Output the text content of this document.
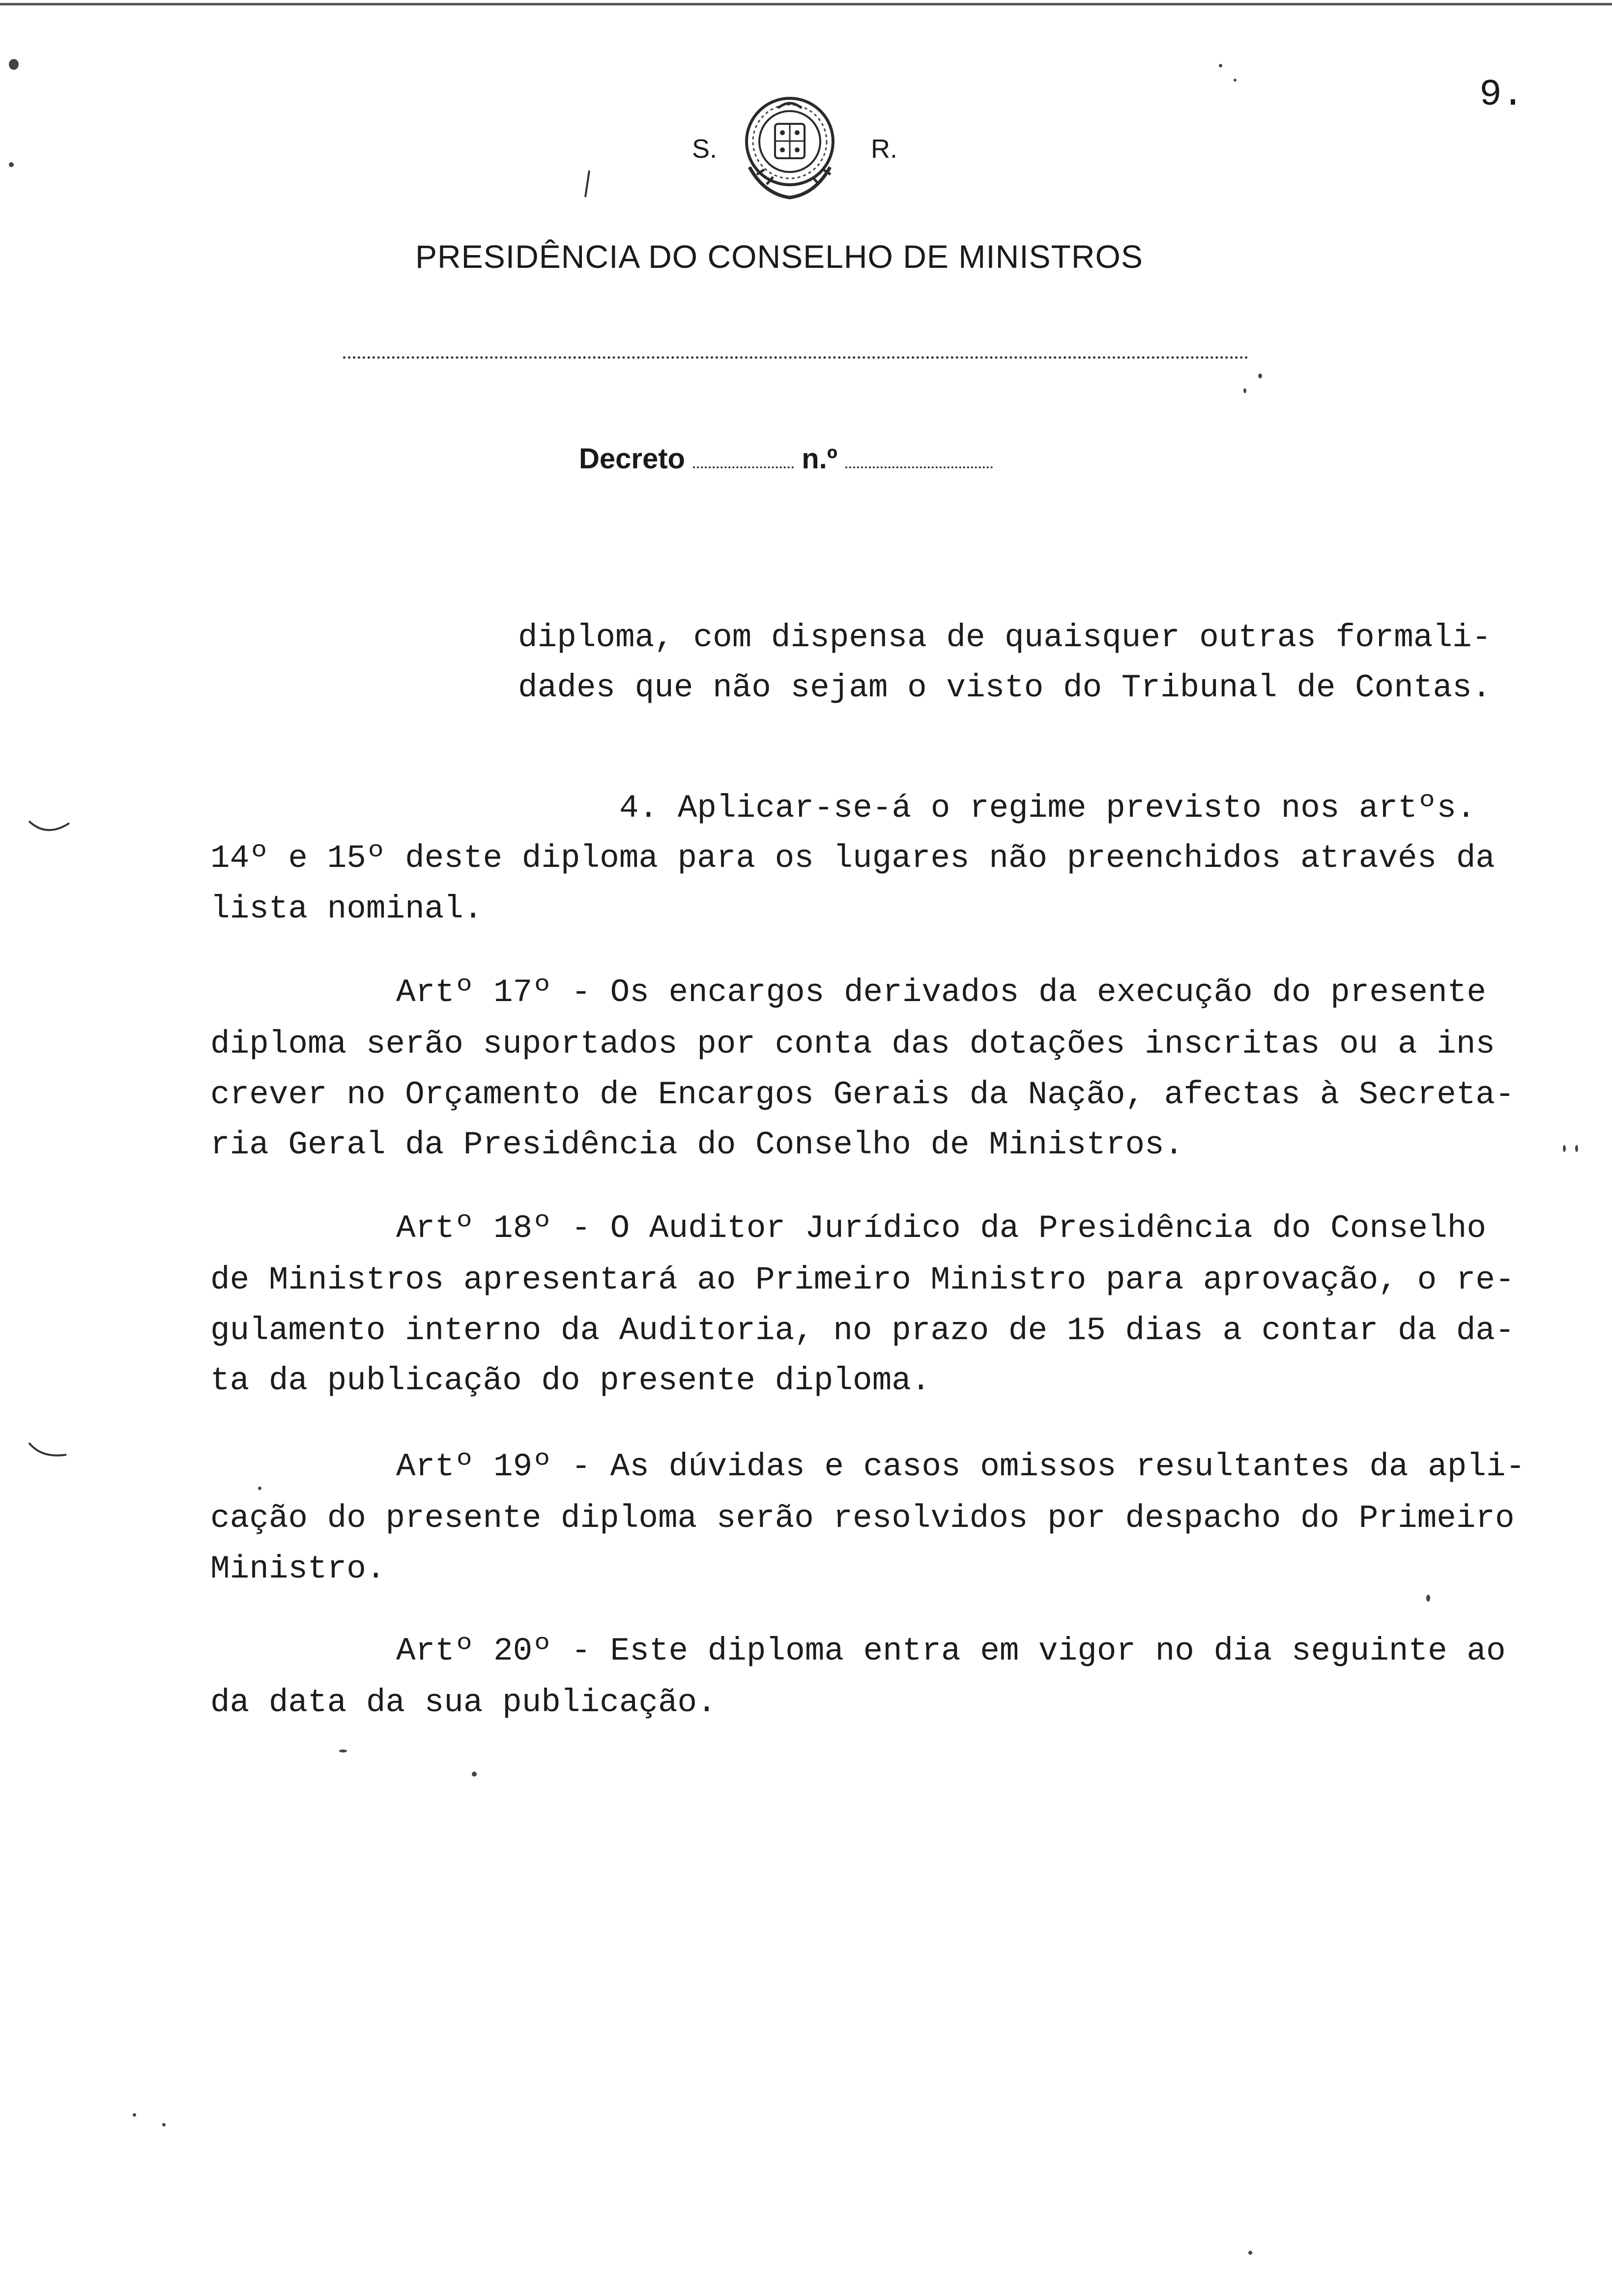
9.
S.	R.
PRESIDÊNCIA DO CONSELHO DE MINISTROS
Decreto	n.º
diploma, com dispensa de quaisquer outras formali-
dades que não sejam o visto do Tribunal de Contas.
4. Aplicar-se-á o regime previsto nos artºs.
14º e 15º deste diploma para os lugares não preenchidos através da
lista nominal.
Artº 17º - Os encargos derivados da execução do presente
diploma serão suportados por conta das dotações inscritas ou a ins
crever no Orçamento de Encargos Gerais da Nação, afectas à Secreta-
ria Geral da Presidência do Conselho de Ministros.
Artº 18º - O Auditor Jurídico da Presidência do Conselho
de Ministros apresentará ao Primeiro Ministro para aprovação, o re-
gulamento interno da Auditoria, no prazo de 15 dias a contar da da-
ta da publicação do presente diploma.
Artº 19º - As dúvidas e casos omissos resultantes da apli-
cação do presente diploma serão resolvidos por despacho do Primeiro
Ministro.
Artº 20º - Este diploma entra em vigor no dia seguinte ao
da data da sua publicação.
